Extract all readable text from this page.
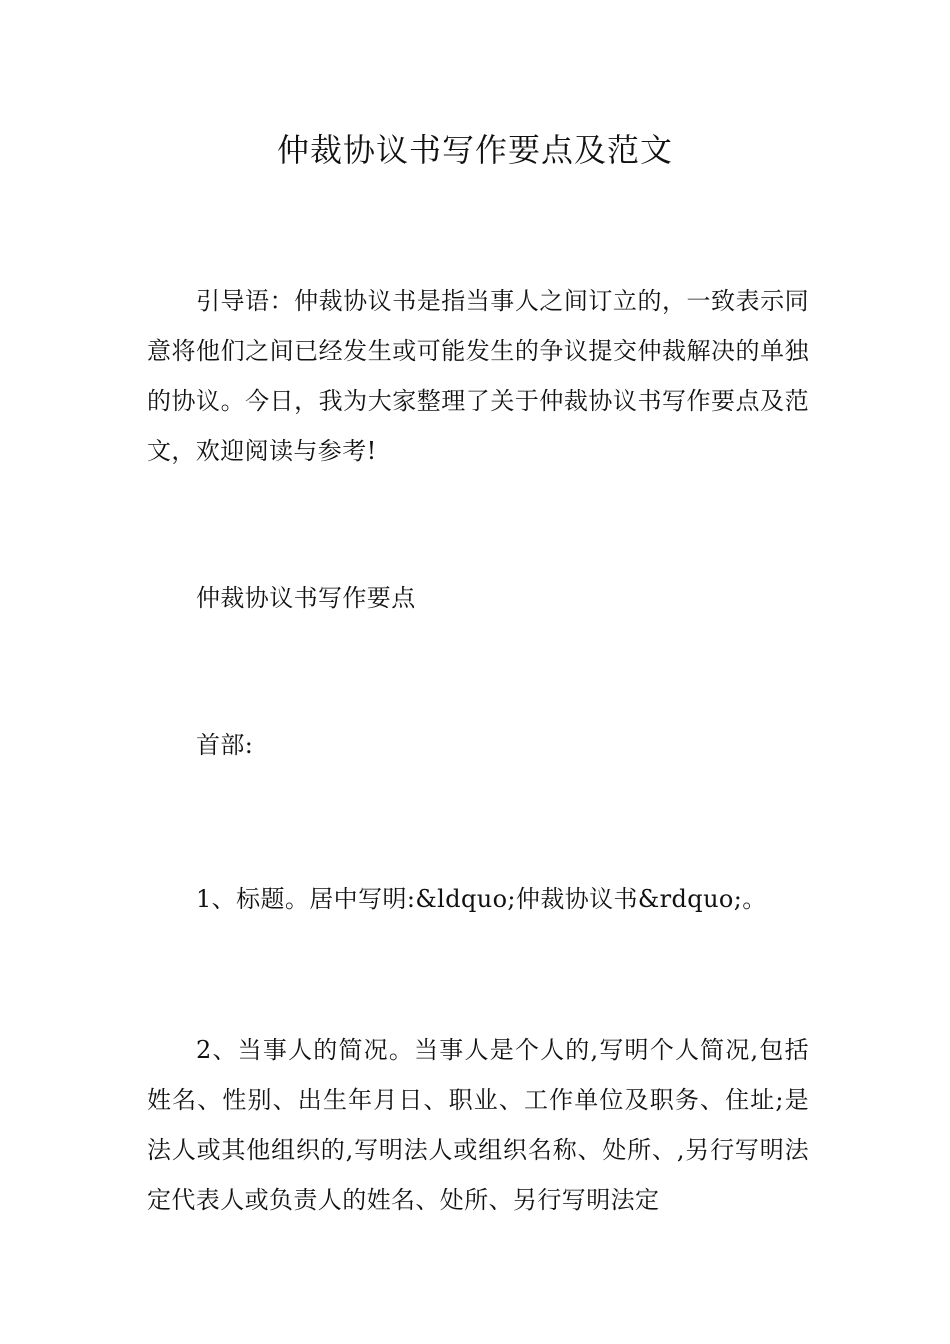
仲裁协议书写作要点及范文

引导语：仲裁协议书是指当事人之间订立的，一致表示同意将他们之间已经发生或可能发生的争议提交仲裁解决的单独的协议。今日，我为大家整理了关于仲裁协议书写作要点及范文，欢迎阅读与参考!

仲裁协议书写作要点

首部:

1、标题。居中写明:&ldquo;仲裁协议书&rdquo;。

2、当事人的简况。当事人是个人的,写明个人简况,包括姓名、性别、出生年月日、职业、工作单位及职务、住址;是法人或其他组织的,写明法人或组织名称、处所、,另行写明法定代表人或负责人的姓名、处所、另行写明法定
